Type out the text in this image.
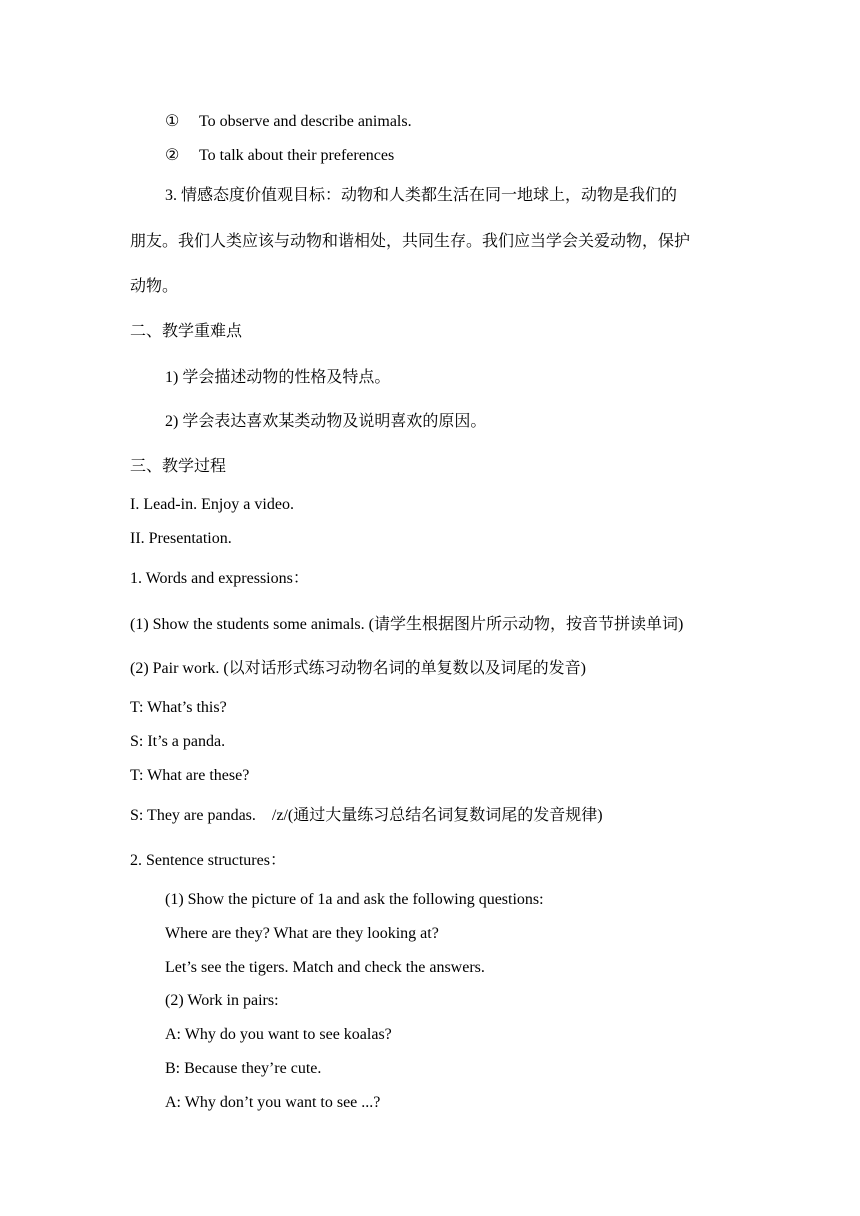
① To observe and describe animals.
② To talk about their preferences
3. 情感态度价值观目标：动物和人类都生活在同一地球上，动物是我们的
朋友。我们人类应该与动物和谐相处，共同生存。我们应当学会关爱动物，保护
动物。
二、教学重难点
1) 学会描述动物的性格及特点。
2) 学会表达喜欢某类动物及说明喜欢的原因。
三、教学过程
I. Lead-in. Enjoy a video.
II. Presentation.
1. Words and expressions：
(1) Show the students some animals. (请学生根据图片所示动物，按音节拼读单词)
(2) Pair work. (以对话形式练习动物名词的单复数以及词尾的发音)
T: What’s this?
S: It’s a panda.
T: What are these?
S: They are pandas.    /z/(通过大量练习总结名词复数词尾的发音规律)
2. Sentence structures：
(1) Show the picture of 1a and ask the following questions:
Where are they? What are they looking at?
Let’s see the tigers. Match and check the answers.
(2) Work in pairs:
A: Why do you want to see koalas?
B: Because they’re cute.
A: Why don’t you want to see ...?
